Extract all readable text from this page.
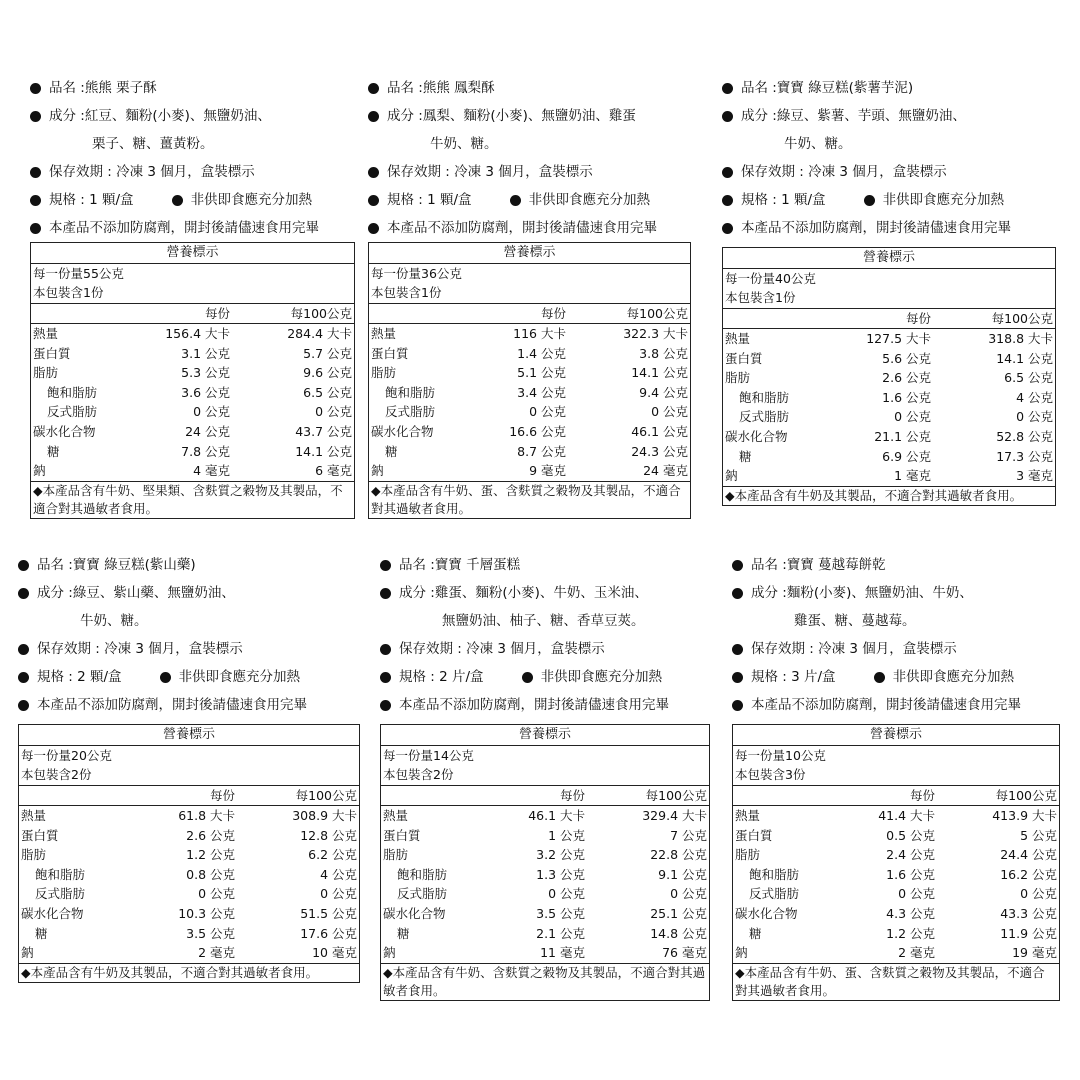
品名 : 熊熊 栗子酥
成分 : 紅豆、麵粉(小麥)、無鹽奶油、
栗子、糖、薑黃粉。
保存效期 : 冷凍 3 個月，盒裝標示
規格 : 1 顆/盒	非供即食應充分加熱
本產品不添加防腐劑，開封後請儘速食用完畢
營養標示
每一份量55公克
本包裝含1份
每份	每100公克
熱量	156.4 大卡	284.4 大卡
蛋白質	3.1 公克	5.7 公克
脂肪	5.3 公克	9.6 公克
飽和脂肪	3.6 公克	6.5 公克
反式脂肪	0 公克	0 公克
碳水化合物	24 公克	43.7 公克
糖	7.8 公克	14.1 公克
鈉	4 毫克	6 毫克
◆本產品含有牛奶、堅果類、含麩質之穀物及其製品，不適合對其過敏者食用。
品名 : 熊熊 鳳梨酥
成分 : 鳳梨、麵粉(小麥)、無鹽奶油、雞蛋
牛奶、糖。
保存效期 : 冷凍 3 個月，盒裝標示
規格 : 1 顆/盒	非供即食應充分加熱
本產品不添加防腐劑，開封後請儘速食用完畢
營養標示
每一份量36公克
本包裝含1份
每份	每100公克
熱量	116 大卡	322.3 大卡
蛋白質	1.4 公克	3.8 公克
脂肪	5.1 公克	14.1 公克
飽和脂肪	3.4 公克	9.4 公克
反式脂肪	0 公克	0 公克
碳水化合物	16.6 公克	46.1 公克
糖	8.7 公克	24.3 公克
鈉	9 毫克	24 毫克
◆本產品含有牛奶、蛋、含麩質之穀物及其製品，不適合對其過敏者食用。
品名 : 寶寶 綠豆糕(紫薯芋泥)
成分 : 綠豆、紫薯、芋頭、無鹽奶油、
牛奶、糖。
保存效期 : 冷凍 3 個月，盒裝標示
規格 : 1 顆/盒	非供即食應充分加熱
本產品不添加防腐劑，開封後請儘速食用完畢
營養標示
每一份量40公克
本包裝含1份
每份	每100公克
熱量	127.5 大卡	318.8 大卡
蛋白質	5.6 公克	14.1 公克
脂肪	2.6 公克	6.5 公克
飽和脂肪	1.6 公克	4 公克
反式脂肪	0 公克	0 公克
碳水化合物	21.1 公克	52.8 公克
糖	6.9 公克	17.3 公克
鈉	1 毫克	3 毫克
◆本產品含有牛奶及其製品，不適合對其過敏者食用。
品名 : 寶寶 綠豆糕(紫山藥)
成分 : 綠豆、紫山藥、無鹽奶油、
牛奶、糖。
保存效期 : 冷凍 3 個月，盒裝標示
規格 : 2 顆/盒	非供即食應充分加熱
本產品不添加防腐劑，開封後請儘速食用完畢
營養標示
每一份量20公克
本包裝含2份
每份	每100公克
熱量	61.8 大卡	308.9 大卡
蛋白質	2.6 公克	12.8 公克
脂肪	1.2 公克	6.2 公克
飽和脂肪	0.8 公克	4 公克
反式脂肪	0 公克	0 公克
碳水化合物	10.3 公克	51.5 公克
糖	3.5 公克	17.6 公克
鈉	2 毫克	10 毫克
◆本產品含有牛奶及其製品，不適合對其過敏者食用。
品名 : 寶寶 千層蛋糕
成分 : 雞蛋、麵粉(小麥)、牛奶、玉米油、
無鹽奶油、柚子、糖、香草豆莢。
保存效期 : 冷凍 3 個月，盒裝標示
規格 : 2 片/盒	非供即食應充分加熱
本產品不添加防腐劑，開封後請儘速食用完畢
營養標示
每一份量14公克
本包裝含2份
每份	每100公克
熱量	46.1 大卡	329.4 大卡
蛋白質	1 公克	7 公克
脂肪	3.2 公克	22.8 公克
飽和脂肪	1.3 公克	9.1 公克
反式脂肪	0 公克	0 公克
碳水化合物	3.5 公克	25.1 公克
糖	2.1 公克	14.8 公克
鈉	11 毫克	76 毫克
◆本產品含有牛奶、含麩質之穀物及其製品，不適合對其過敏者食用。
品名 : 寶寶 蔓越莓餅乾
成分 : 麵粉(小麥)、無鹽奶油、牛奶、
雞蛋、糖、蔓越莓。
保存效期 : 冷凍 3 個月，盒裝標示
規格 : 3 片/盒	非供即食應充分加熱
本產品不添加防腐劑，開封後請儘速食用完畢
營養標示
每一份量10公克
本包裝含3份
每份	每100公克
熱量	41.4 大卡	413.9 大卡
蛋白質	0.5 公克	5 公克
脂肪	2.4 公克	24.4 公克
飽和脂肪	1.6 公克	16.2 公克
反式脂肪	0 公克	0 公克
碳水化合物	4.3 公克	43.3 公克
糖	1.2 公克	11.9 公克
鈉	2 毫克	19 毫克
◆本產品含有牛奶、蛋、含麩質之穀物及其製品，不適合對其過敏者食用。
